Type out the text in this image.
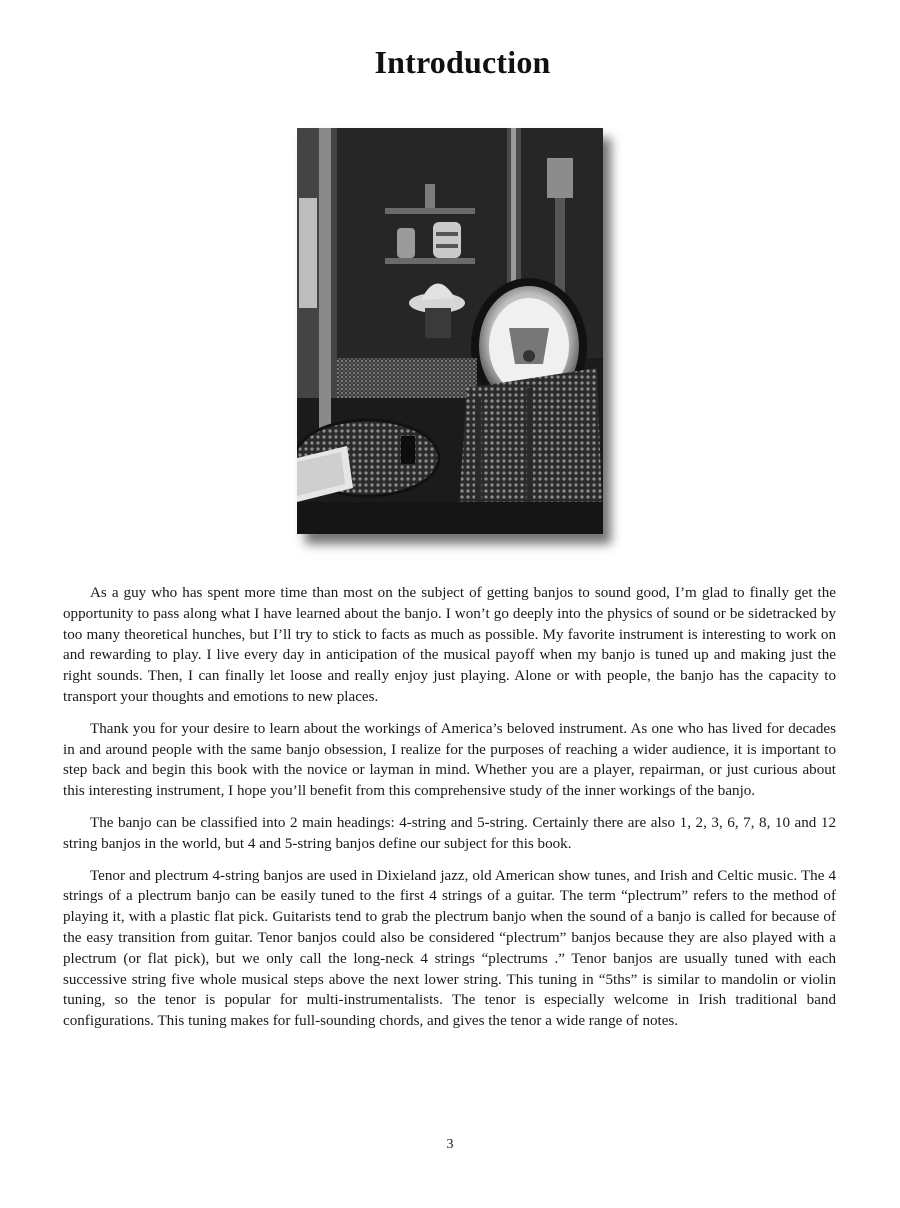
Introduction

As a guy who has spent more time than most on the subject of getting banjos to sound good, I’m glad to finally get the opportunity to pass along what I have learned about the banjo. I won’t go deeply into the physics of sound or be sidetracked by too many theoretical hunches, but I’ll try to stick to facts as much as possible. My favorite instrument is interesting to work on and rewarding to play. I live every day in anticipation of the musical payoff when my banjo is tuned up and making just the right sounds. Then, I can finally let loose and really enjoy just playing. Alone or with people, the banjo has the capacity to transport your thoughts and emotions to new places.

Thank you for your desire to learn about the workings of America’s beloved instrument. As one who has lived for decades in and around people with the same banjo obsession, I realize for the purposes of reaching a wider audience, it is important to step back and begin this book with the novice or layman in mind. Whether you are a player, repairman, or just curious about this interesting instrument, I hope you’ll benefit from this comprehensive study of the inner workings of the banjo.

The banjo can be classified into 2 main headings: 4-string and 5-string. Certainly there are also 1, 2, 3, 6, 7, 8, 10 and 12 string banjos in the world, but 4 and 5-string banjos define our subject for this book.

Tenor and plectrum 4-string banjos are used in Dixieland jazz, old American show tunes, and Irish and Celtic music. The 4 strings of a plectrum banjo can be easily tuned to the first 4 strings of a guitar. The term “plectrum” refers to the method of playing it, with a plastic flat pick. Guitarists tend to grab the plectrum banjo when the sound of a banjo is called for because of the easy transition from guitar. Tenor banjos could also be considered “plectrum” banjos because they are also played with a plectrum (or flat pick), but we only call the long-neck 4 strings “plectrums .” Tenor banjos are usually tuned with each successive string five whole musical steps above the next lower string. This tuning in “5ths” is similar to mandolin or violin tuning, so the tenor is popular for multi-instrumentalists. The tenor is especially welcome in Irish traditional band configurations. This tuning makes for full-sounding chords, and gives the tenor a wide range of notes.

3
